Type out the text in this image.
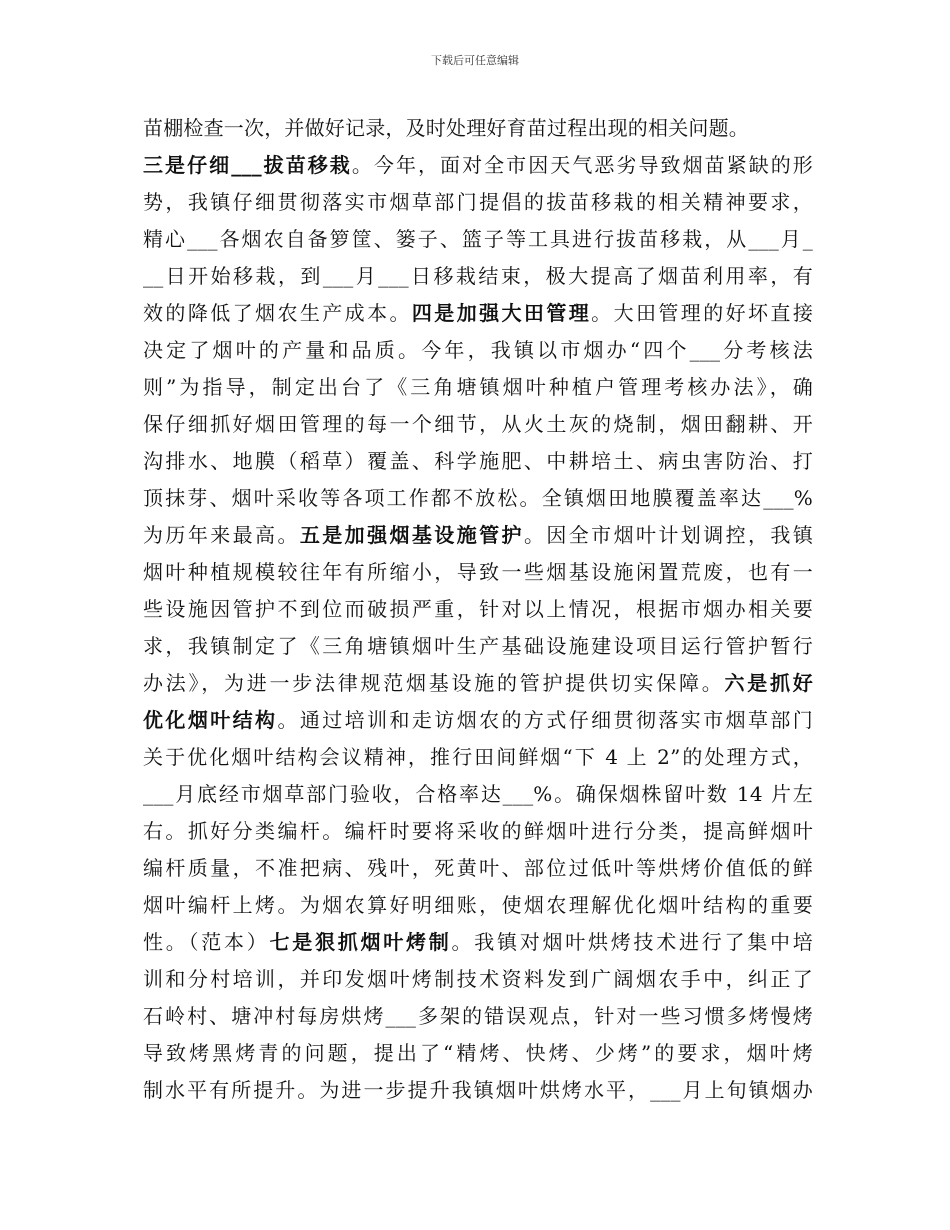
下载后可任意编辑
苗棚检查一次，并做好记录，及时处理好育苗过程出现的相关问题。
三是仔细___拔苗移栽。今年，面对全市因天气恶劣导致烟苗紧缺的形
势，我镇仔细贯彻落实市烟草部门提倡的拔苗移栽的相关精神要求，
精心___各烟农自备箩筐、篓子、篮子等工具进行拔苗移栽，从___月_
__日开始移栽，到___月___日移栽结束，极大提高了烟苗利用率，有
效的降低了烟农生产成本。四是加强大田管理。大田管理的好坏直接
决定了烟叶的产量和品质。今年，我镇以市烟办“四个___分考核法
则”为指导，制定出台了《三角塘镇烟叶种植户管理考核办法》，确
保仔细抓好烟田管理的每一个细节，从火土灰的烧制，烟田翻耕、开
沟排水、地膜（稻草）覆盖、科学施肥、中耕培土、病虫害防治、打
顶抹芽、烟叶采收等各项工作都不放松。全镇烟田地膜覆盖率达___%
为历年来最高。五是加强烟基设施管护。因全市烟叶计划调控，我镇
烟叶种植规模较往年有所缩小，导致一些烟基设施闲置荒废，也有一
些设施因管护不到位而破损严重，针对以上情况，根据市烟办相关要
求，我镇制定了《三角塘镇烟叶生产基础设施建设项目运行管护暂行
办法》，为进一步法律规范烟基设施的管护提供切实保障。六是抓好
优化烟叶结构。通过培训和走访烟农的方式仔细贯彻落实市烟草部门
关于优化烟叶结构会议精神，推行田间鲜烟“下 4 上 2”的处理方式，
___月底经市烟草部门验收，合格率达___%。确保烟株留叶数 14 片左
右。抓好分类编杆。编杆时要将采收的鲜烟叶进行分类，提高鲜烟叶
编杆质量，不准把病、残叶，死黄叶、部位过低叶等烘烤价值低的鲜
烟叶编杆上烤。为烟农算好明细账，使烟农理解优化烟叶结构的重要
性。（范本）七是狠抓烟叶烤制。我镇对烟叶烘烤技术进行了集中培
训和分村培训，并印发烟叶烤制技术资料发到广阔烟农手中，纠正了
石岭村、塘冲村每房烘烤___多架的错误观点，针对一些习惯多烤慢烤
导致烤黑烤青的问题，提出了“精烤、快烤、少烤”的要求，烟叶烤
制水平有所提升。为进一步提升我镇烟叶烘烤水平，___月上旬镇烟办
